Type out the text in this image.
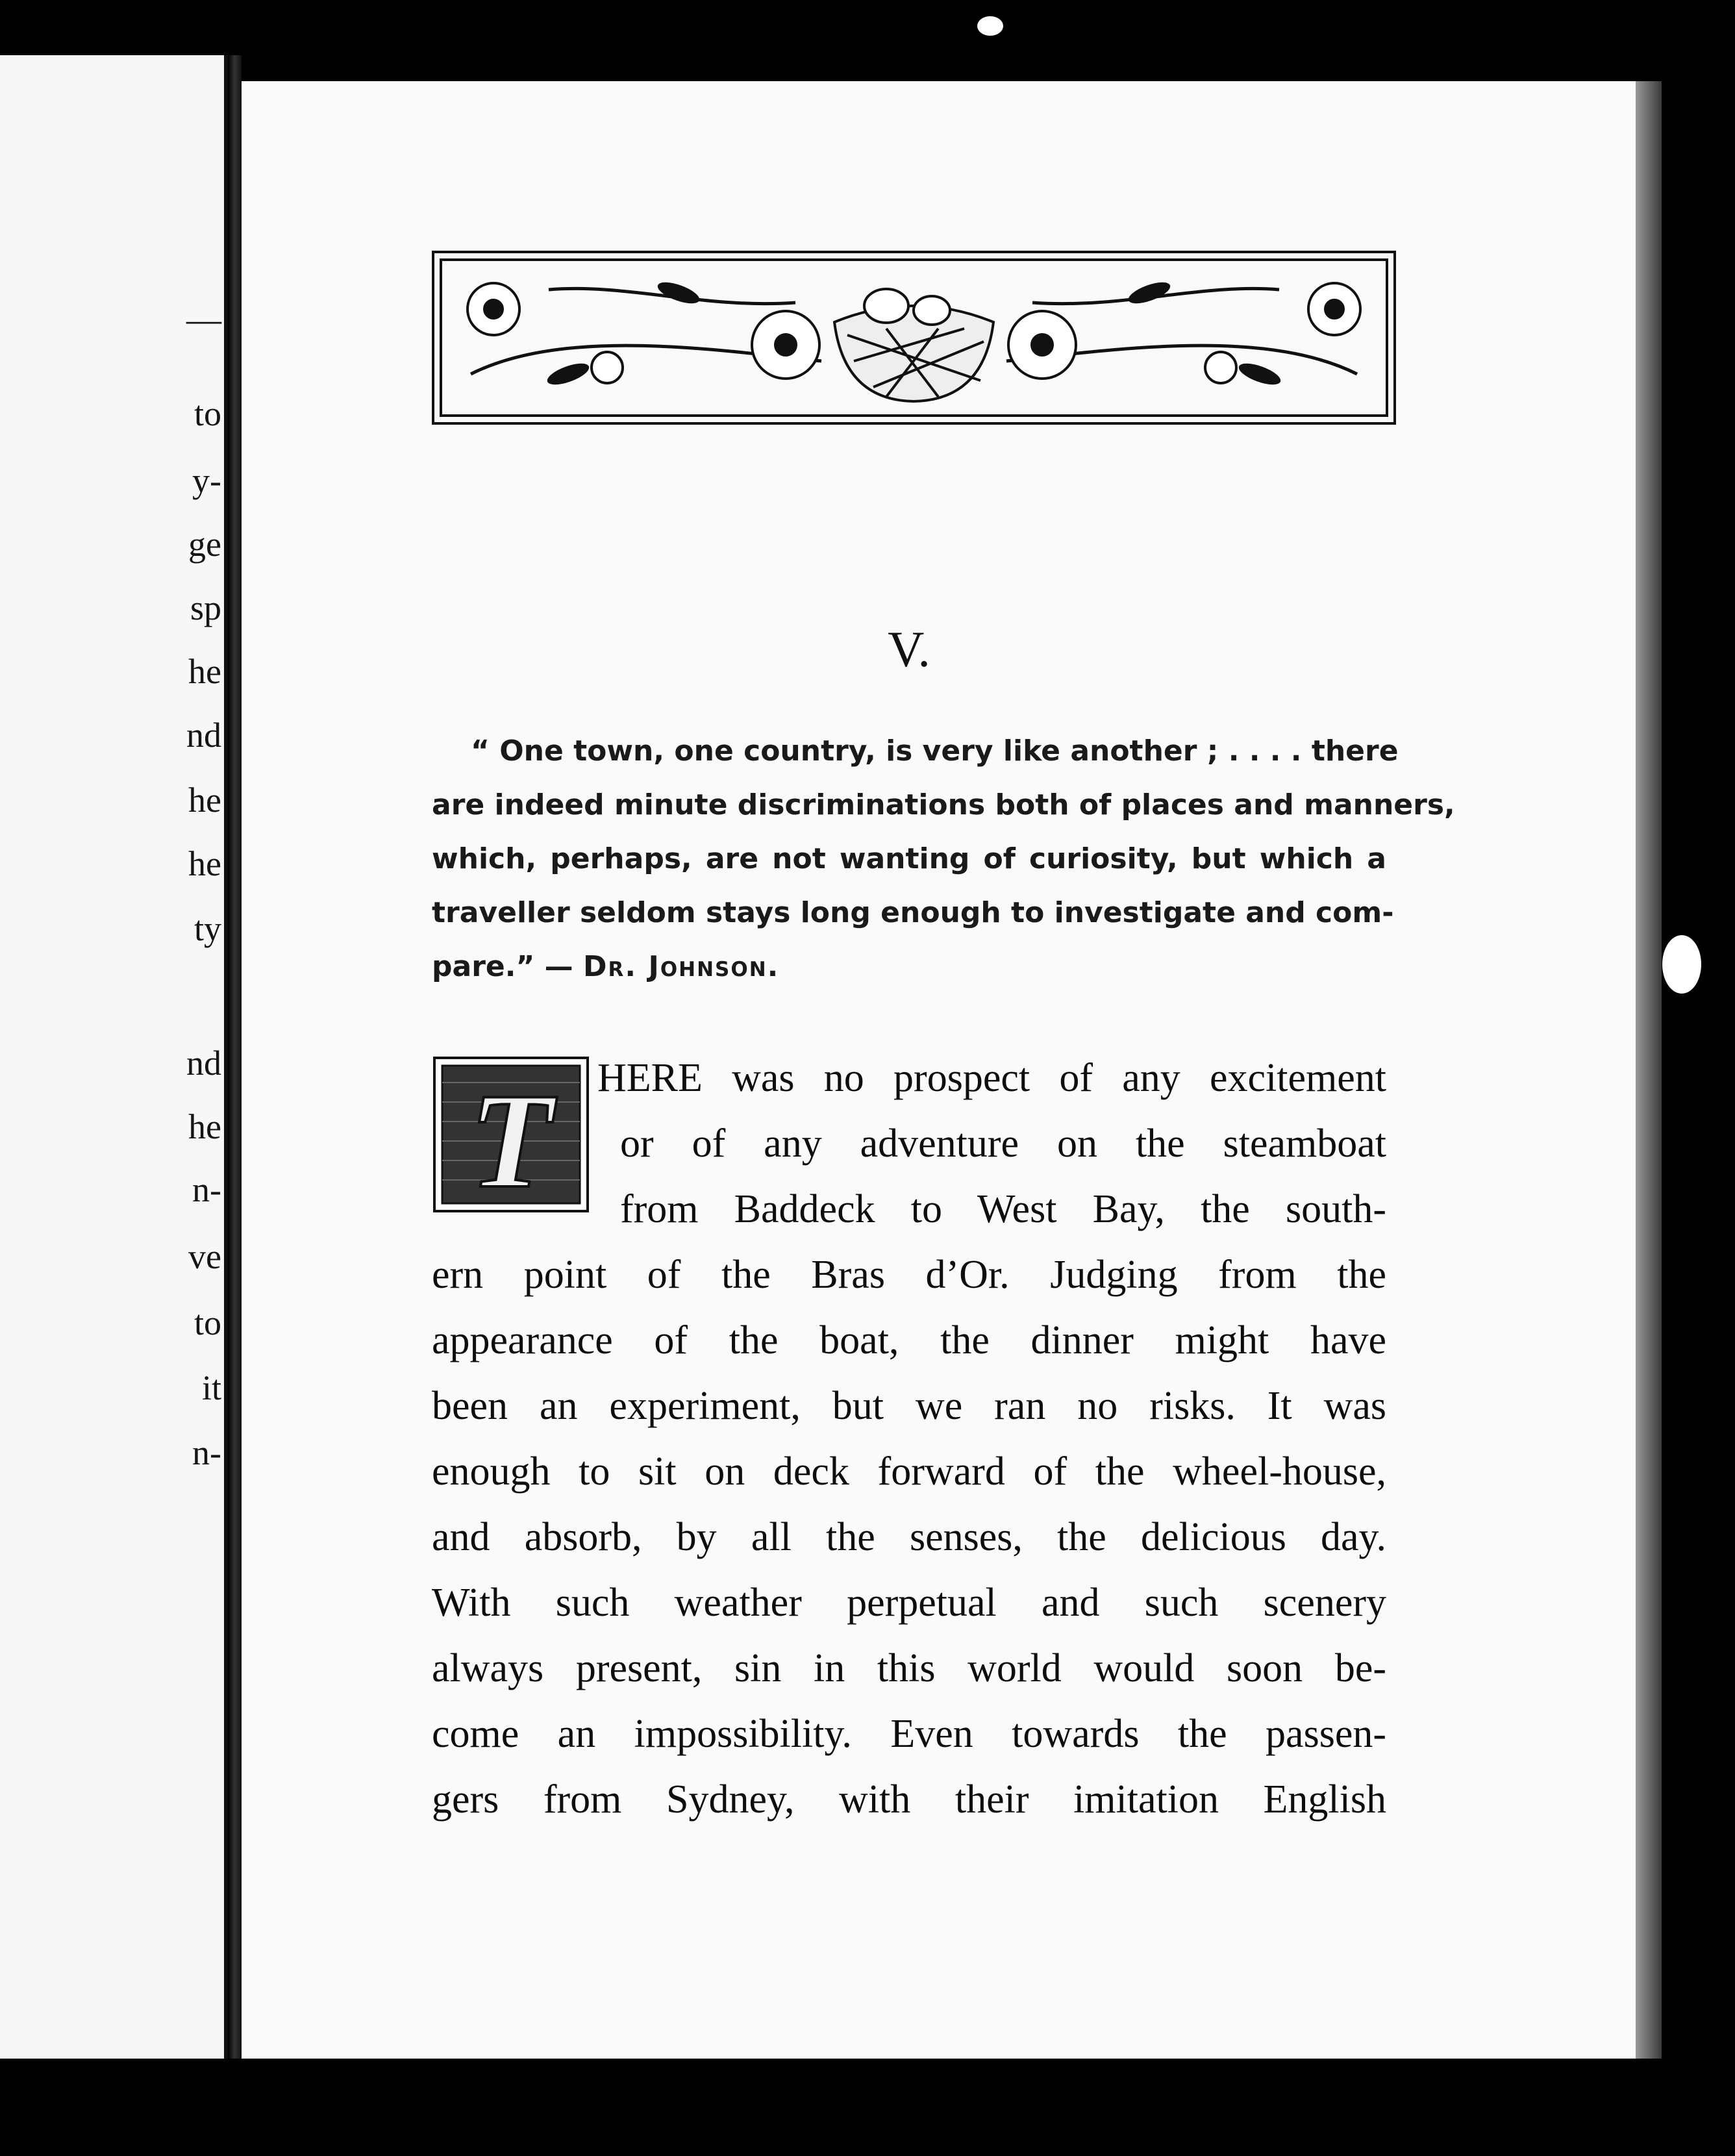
—
to
y-
ge
sp
he
nd
he
he
ty
nd
he
n-
ve
to
it
n-
V.
“ One town, one country, is very like another ; . . . . there
are indeed minute discriminations both of places and manners,
which, perhaps, are not wanting of curiosity, but which a
traveller seldom stays long enough to investigate and com-
pare.” — Dr. Johnson.
T	HERE was no prospect of any excitement
or of any adventure on the steamboat
from Baddeck to West Bay, the south-
ern point of the Bras d’Or. Judging from the
appearance of the boat, the dinner might have
been an experiment, but we ran no risks. It was
enough to sit on deck forward of the wheel-house,
and absorb, by all the senses, the delicious day.
With such weather perpetual and such scenery
always present, sin in this world would soon be-
come an impossibility. Even towards the passen-
gers from Sydney, with their imitation English
